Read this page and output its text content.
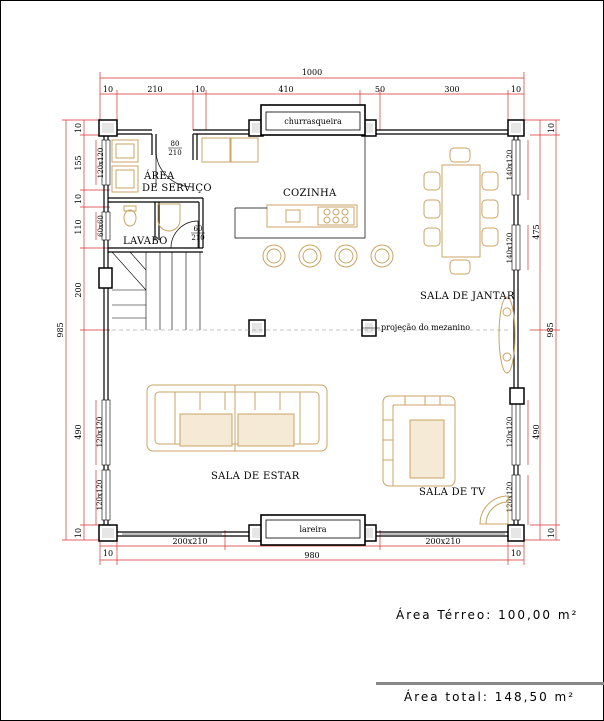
1000
10	210	10	410	50	300	10
10
155
10
110
200
490
10
985
10
475
490
10
985
10
200x210
980
200x210
10
churrasqueira
lareira
80
210
60
210
120x120
60x60
120x120
120x120
140x120
140x120
120x120
120x120
ÁREA
DE SERVIÇO	COZINHA
LAVABO
SALA DE JANTAR
projeção do mezanino
SALA DE ESTAR
SALA DE TV
Área Térreo: 100,00 m²
Área total: 148,50 m²
